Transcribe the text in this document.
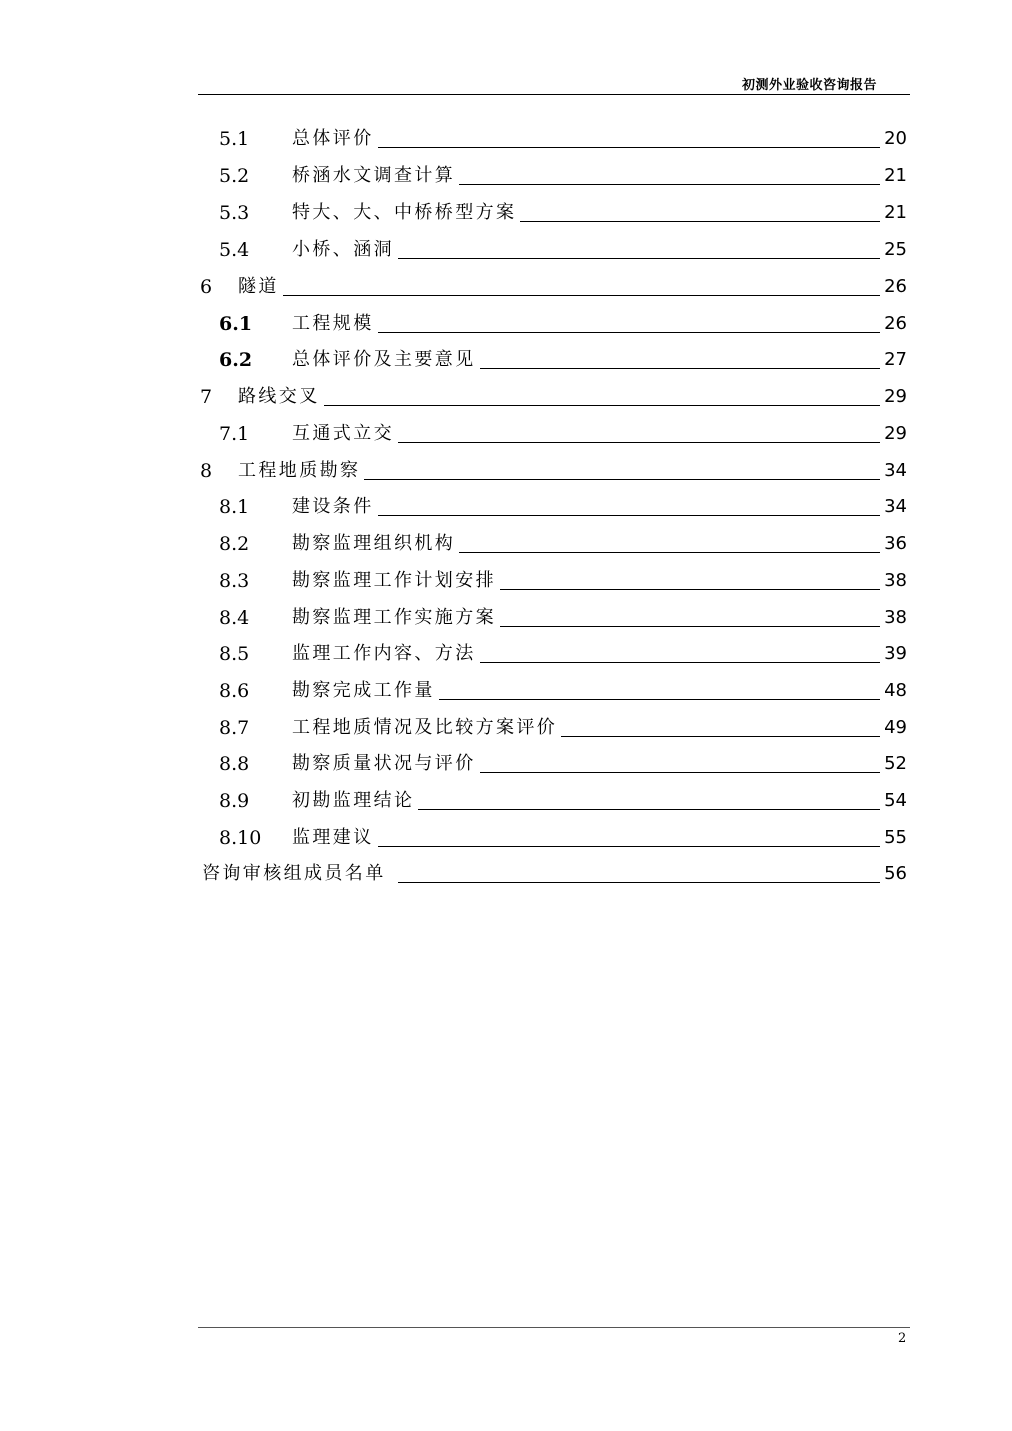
初测外业验收咨询报告
5.1	总体评价	20
5.2	桥涵水文调查计算	21
5.3	特大、大、中桥桥型方案	21
5.4	小桥、涵洞	25
6	隧道	26
6.1	工程规模	26
6.2	总体评价及主要意见	27
7	路线交叉	29
7.1	互通式立交	29
8	工程地质勘察	34
8.1	建设条件	34
8.2	勘察监理组织机构	36
8.3	勘察监理工作计划安排	38
8.4	勘察监理工作实施方案	38
8.5	监理工作内容、方法	39
8.6	勘察完成工作量	48
8.7	工程地质情况及比较方案评价	49
8.8	勘察质量状况与评价	52
8.9	初勘监理结论	54
8.10	监理建议	55
咨询审核组成员名单	56
2
